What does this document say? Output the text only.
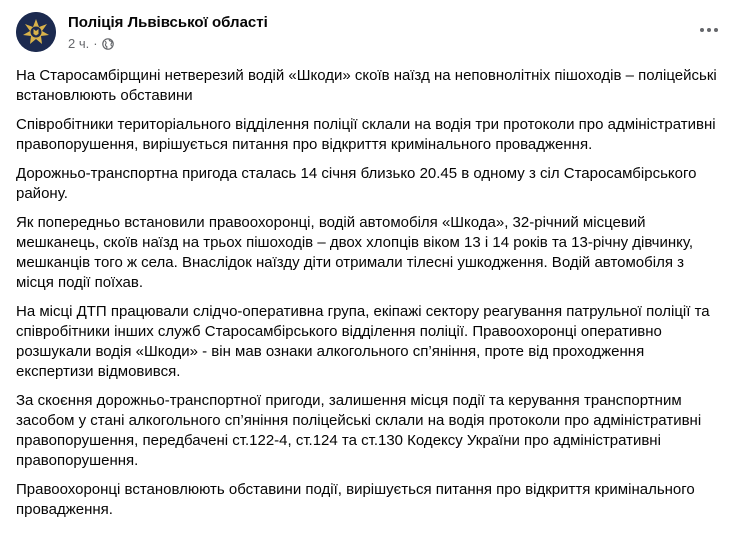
Поліція Львівської області
2 ч. ·

На Старосамбірщині нетверезий водій «Шкоди» скоїв наїзд на неповнолітніх пішоходів – поліцейські встановлюють обставини

Співробітники територіального відділення поліції склали на водія три протоколи про адміністративні правопорушення, вирішується питання про відкриття кримінального провадження.

Дорожньо-транспортна пригода сталась 14 січня близько 20.45 в одному з сіл Старосамбірського району.

Як попередньо встановили правоохоронці, водій автомобіля «Шкода», 32-річний місцевий мешканець, скоїв наїзд на трьох пішоходів – двох хлопців віком 13 і 14 років та 13-річну дівчинку, мешканців того ж села. Внаслідок наїзду діти отримали тілесні ушкодження. Водій автомобіля з місця події поїхав.

На місці ДТП працювали слідчо-оперативна група, екіпажі сектору реагування патрульної поліції та співробітники інших служб Старосамбірського відділення поліції. Правоохоронці оперативно розшукали водія «Шкоди» - він мав ознаки алкогольного сп’яніння, проте від проходження експертизи відмовився.

За скоєння дорожньо-транспортної пригоди, залишення місця події та керування транспортним засобом у стані алкогольного сп’яніння поліцейські склали на водія протоколи про адміністративні правопорушення, передбачені ст.122-4, ст.124 та ст.130 Кодексу України про адміністративні правопорушення.

Правоохоронці встановлюють обставини події, вирішується питання про відкриття кримінального провадження.
